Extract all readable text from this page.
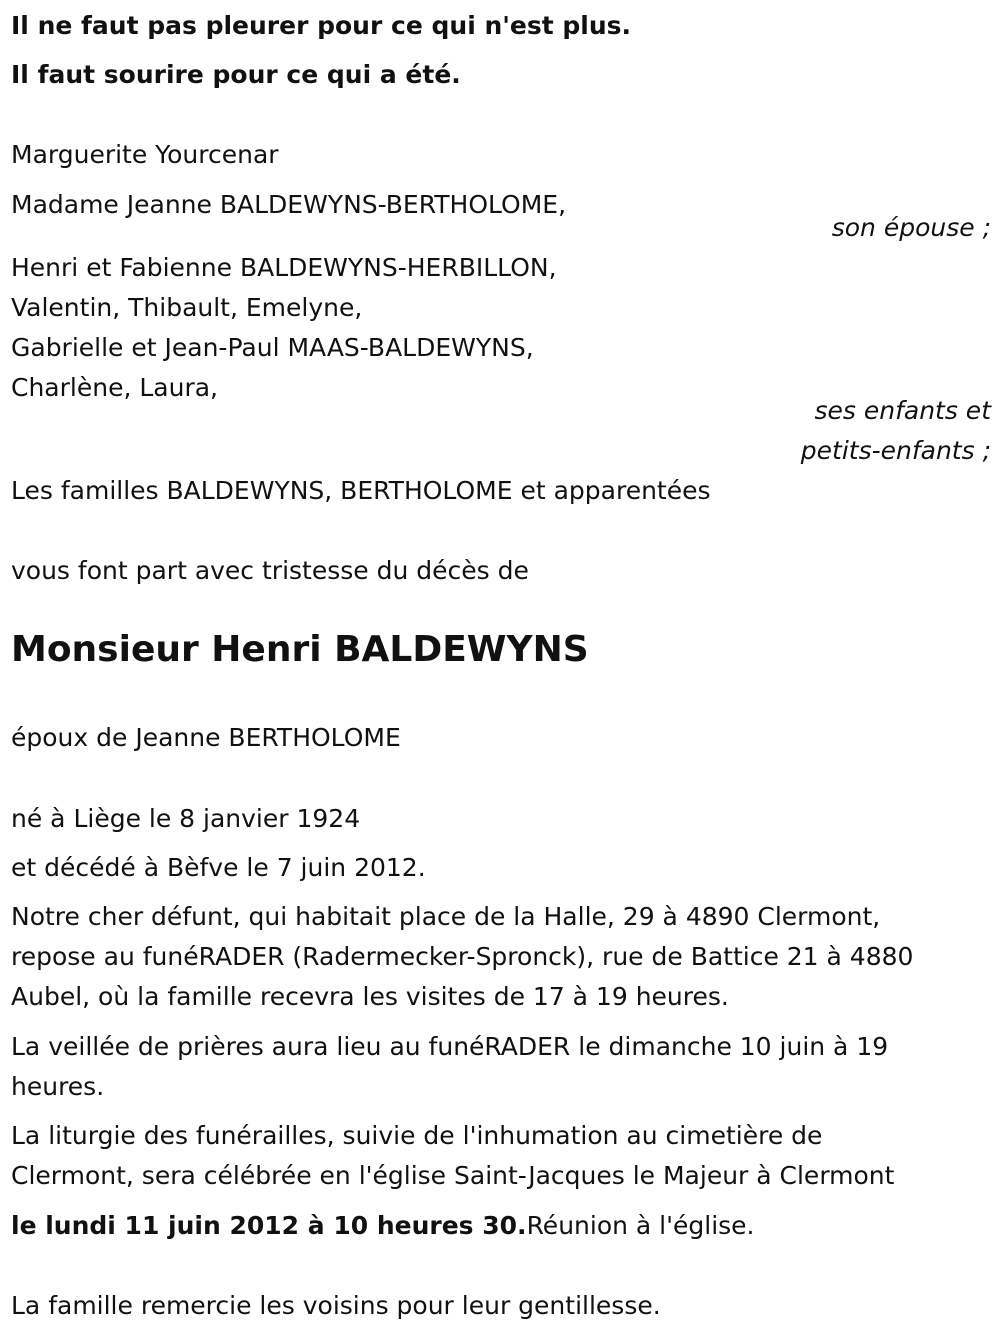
Il ne faut pas pleurer pour ce qui n'est plus.

Il faut sourire pour ce qui a été.

Marguerite Yourcenar

Madame Jeanne BALDEWYNS-BERTHOLOME,

son épouse ;

Henri et Fabienne BALDEWYNS-HERBILLON,

Valentin, Thibault, Emelyne,

Gabrielle et Jean-Paul MAAS-BALDEWYNS,

Charlène, Laura,

ses enfants et

petits-enfants ;

Les familles BALDEWYNS, BERTHOLOME et apparentées

vous font part avec tristesse du décès de

Monsieur Henri BALDEWYNS

époux de Jeanne BERTHOLOME

né à Liège le 8 janvier 1924

et décédé à Bèfve le 7 juin 2012.

Notre cher défunt, qui habitait place de la Halle, 29 à 4890 Clermont,

repose au funéRADER (Radermecker-Spronck), rue de Battice 21 à 4880

Aubel, où la famille recevra les visites de 17 à 19 heures.

La veillée de prières aura lieu au funéRADER le dimanche 10 juin à 19

heures.

La liturgie des funérailles, suivie de l'inhumation au cimetière de

Clermont, sera célébrée en l'église Saint-Jacques le Majeur à Clermont

le lundi 11 juin 2012 à 10 heures 30.Réunion à l'église.

La famille remercie les voisins pour leur gentillesse.
